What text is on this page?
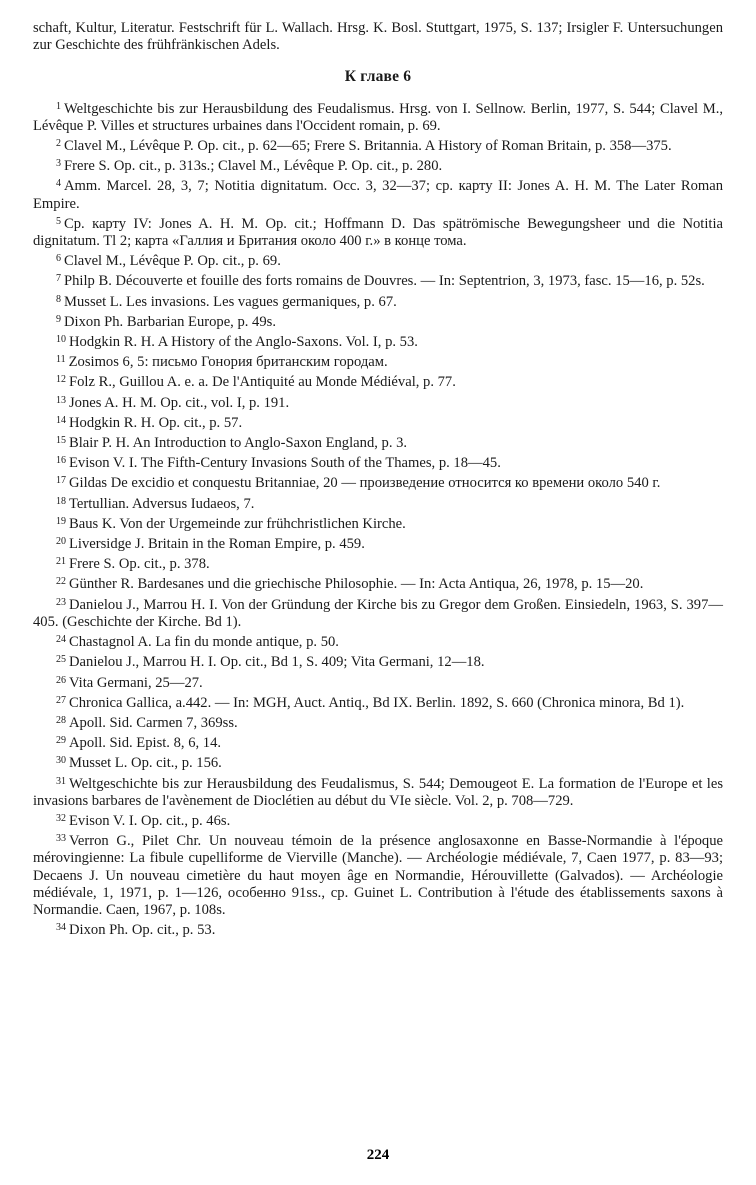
schaft, Kultur, Literatur. Festschrift für L. Wallach. Hrsg. K. Bosl. Stuttgart, 1975, S. 137; Irsigler F. Untersuchungen zur Geschichte des frühfränkischen Adels.

К главе 6

$^1$ Weltgeschichte bis zur Herausbildung des Feudalismus. Hrsg. von I. Sellnow. Berlin, 1977, S. 544; Clavel M., Lévêque P. Villes et structures urbaines dans l'Occident romain, p. 69.

$^2$ Clavel M., Lévêque P. Op. cit., p. 62—65; Frere S. Britannia. A History of Roman Britain, p. 358—375.

$^3$ Frere S. Op. cit., p. 313s.; Clavel M., Lévêque P. Op. cit., p. 280.

$^4$ Amm. Marcel. 28, 3, 7; Notitia dignitatum. Occ. 3, 32—37; ср. карту II: Jones A. H. M. The Later Roman Empire.

$^5$ Ср. карту IV: Jones A. H. M. Op. cit.; Hoffmann D. Das spätrömische Bewegungsheer und die Notitia dignitatum. Tl 2; карта «Галлия и Британия около 400 г.» в конце тома.

$^6$ Clavel M., Lévêque P. Op. cit., p. 69.

$^7$ Philp B. Découverte et fouille des forts romains de Douvres. — In: Septentrion, 3, 1973, fasc. 15—16, p. 52s.

$^8$ Musset L. Les invasions. Les vagues germaniques, p. 67.

$^9$ Dixon Ph. Barbarian Europe, p. 49s.

$^{10}$ Hodgkin R. H. A History of the Anglo-Saxons. Vol. I, p. 53.

$^{11}$ Zosimos 6, 5: письмо Гонория британским городам.

$^{12}$ Folz R., Guillou A. e. a. De l'Antiquité au Monde Médiéval, p. 77.

$^{13}$ Jones A. H. M. Op. cit., vol. I, p. 191.

$^{14}$ Hodgkin R. H. Op. cit., p. 57.

$^{15}$ Blair P. H. An Introduction to Anglo-Saxon England, p. 3.

$^{16}$ Evison V. I. The Fifth-Century Invasions South of the Thames, p. 18—45.

$^{17}$ Gildas De excidio et conquestu Britanniae, 20 — произведение относится ко времени около 540 г.

$^{18}$ Tertullian. Adversus Iudaeos, 7.

$^{19}$ Baus K. Von der Urgemeinde zur frühchristlichen Kirche.

$^{20}$ Liversidge J. Britain in the Roman Empire, p. 459.

$^{21}$ Frere S. Op. cit., p. 378.

$^{22}$ Günther R. Bardesanes und die griechische Philosophie. — In: Acta Antiqua, 26, 1978, p. 15—20.

$^{23}$ Danielou J., Marrou H. I. Von der Gründung der Kirche bis zu Gregor dem Großen. Einsiedeln, 1963, S. 397—405. (Geschichte der Kirche. Bd 1).

$^{24}$ Chastagnol A. La fin du monde antique, p. 50.

$^{25}$ Danielou J., Marrou H. I. Op. cit., Bd 1, S. 409; Vita Germani, 12—18.

$^{26}$ Vita Germani, 25—27.

$^{27}$ Chronica Gallica, a.442. — In: MGH, Auct. Antiq., Bd IX. Berlin. 1892, S. 660 (Chronica minora, Bd 1).

$^{28}$ Apoll. Sid. Carmen 7, 369ss.

$^{29}$ Apoll. Sid. Epist. 8, 6, 14.

$^{30}$ Musset L. Op. cit., p. 156.

$^{31}$ Weltgeschichte bis zur Herausbildung des Feudalismus, S. 544; Demougeot E. La formation de l'Europe et les invasions barbares de l'avènement de Dioclétien au début du VIe siècle. Vol. 2, p. 708—729.

$^{32}$ Evison V. I. Op. cit., p. 46s.

$^{33}$ Verron G., Pilet Chr. Un nouveau témoin de la présence anglosaxonne en Basse-Normandie à l'époque mérovingienne: La fibule cupelliforme de Vierville (Manche). — Archéologie médiévale, 7, Caen 1977, p. 83—93; Decaens J. Un nouveau cimetière du haut moyen âge en Normandie, Hérouvillette (Galvados). — Archéologie médiévale, 1, 1971, p. 1—126, особенно 91ss., ср. Guinet L. Contribution à l'étude des établissements saxons à Normandie. Caen, 1967, p. 108s.

$^{34}$ Dixon Ph. Op. cit., p. 53.

224
